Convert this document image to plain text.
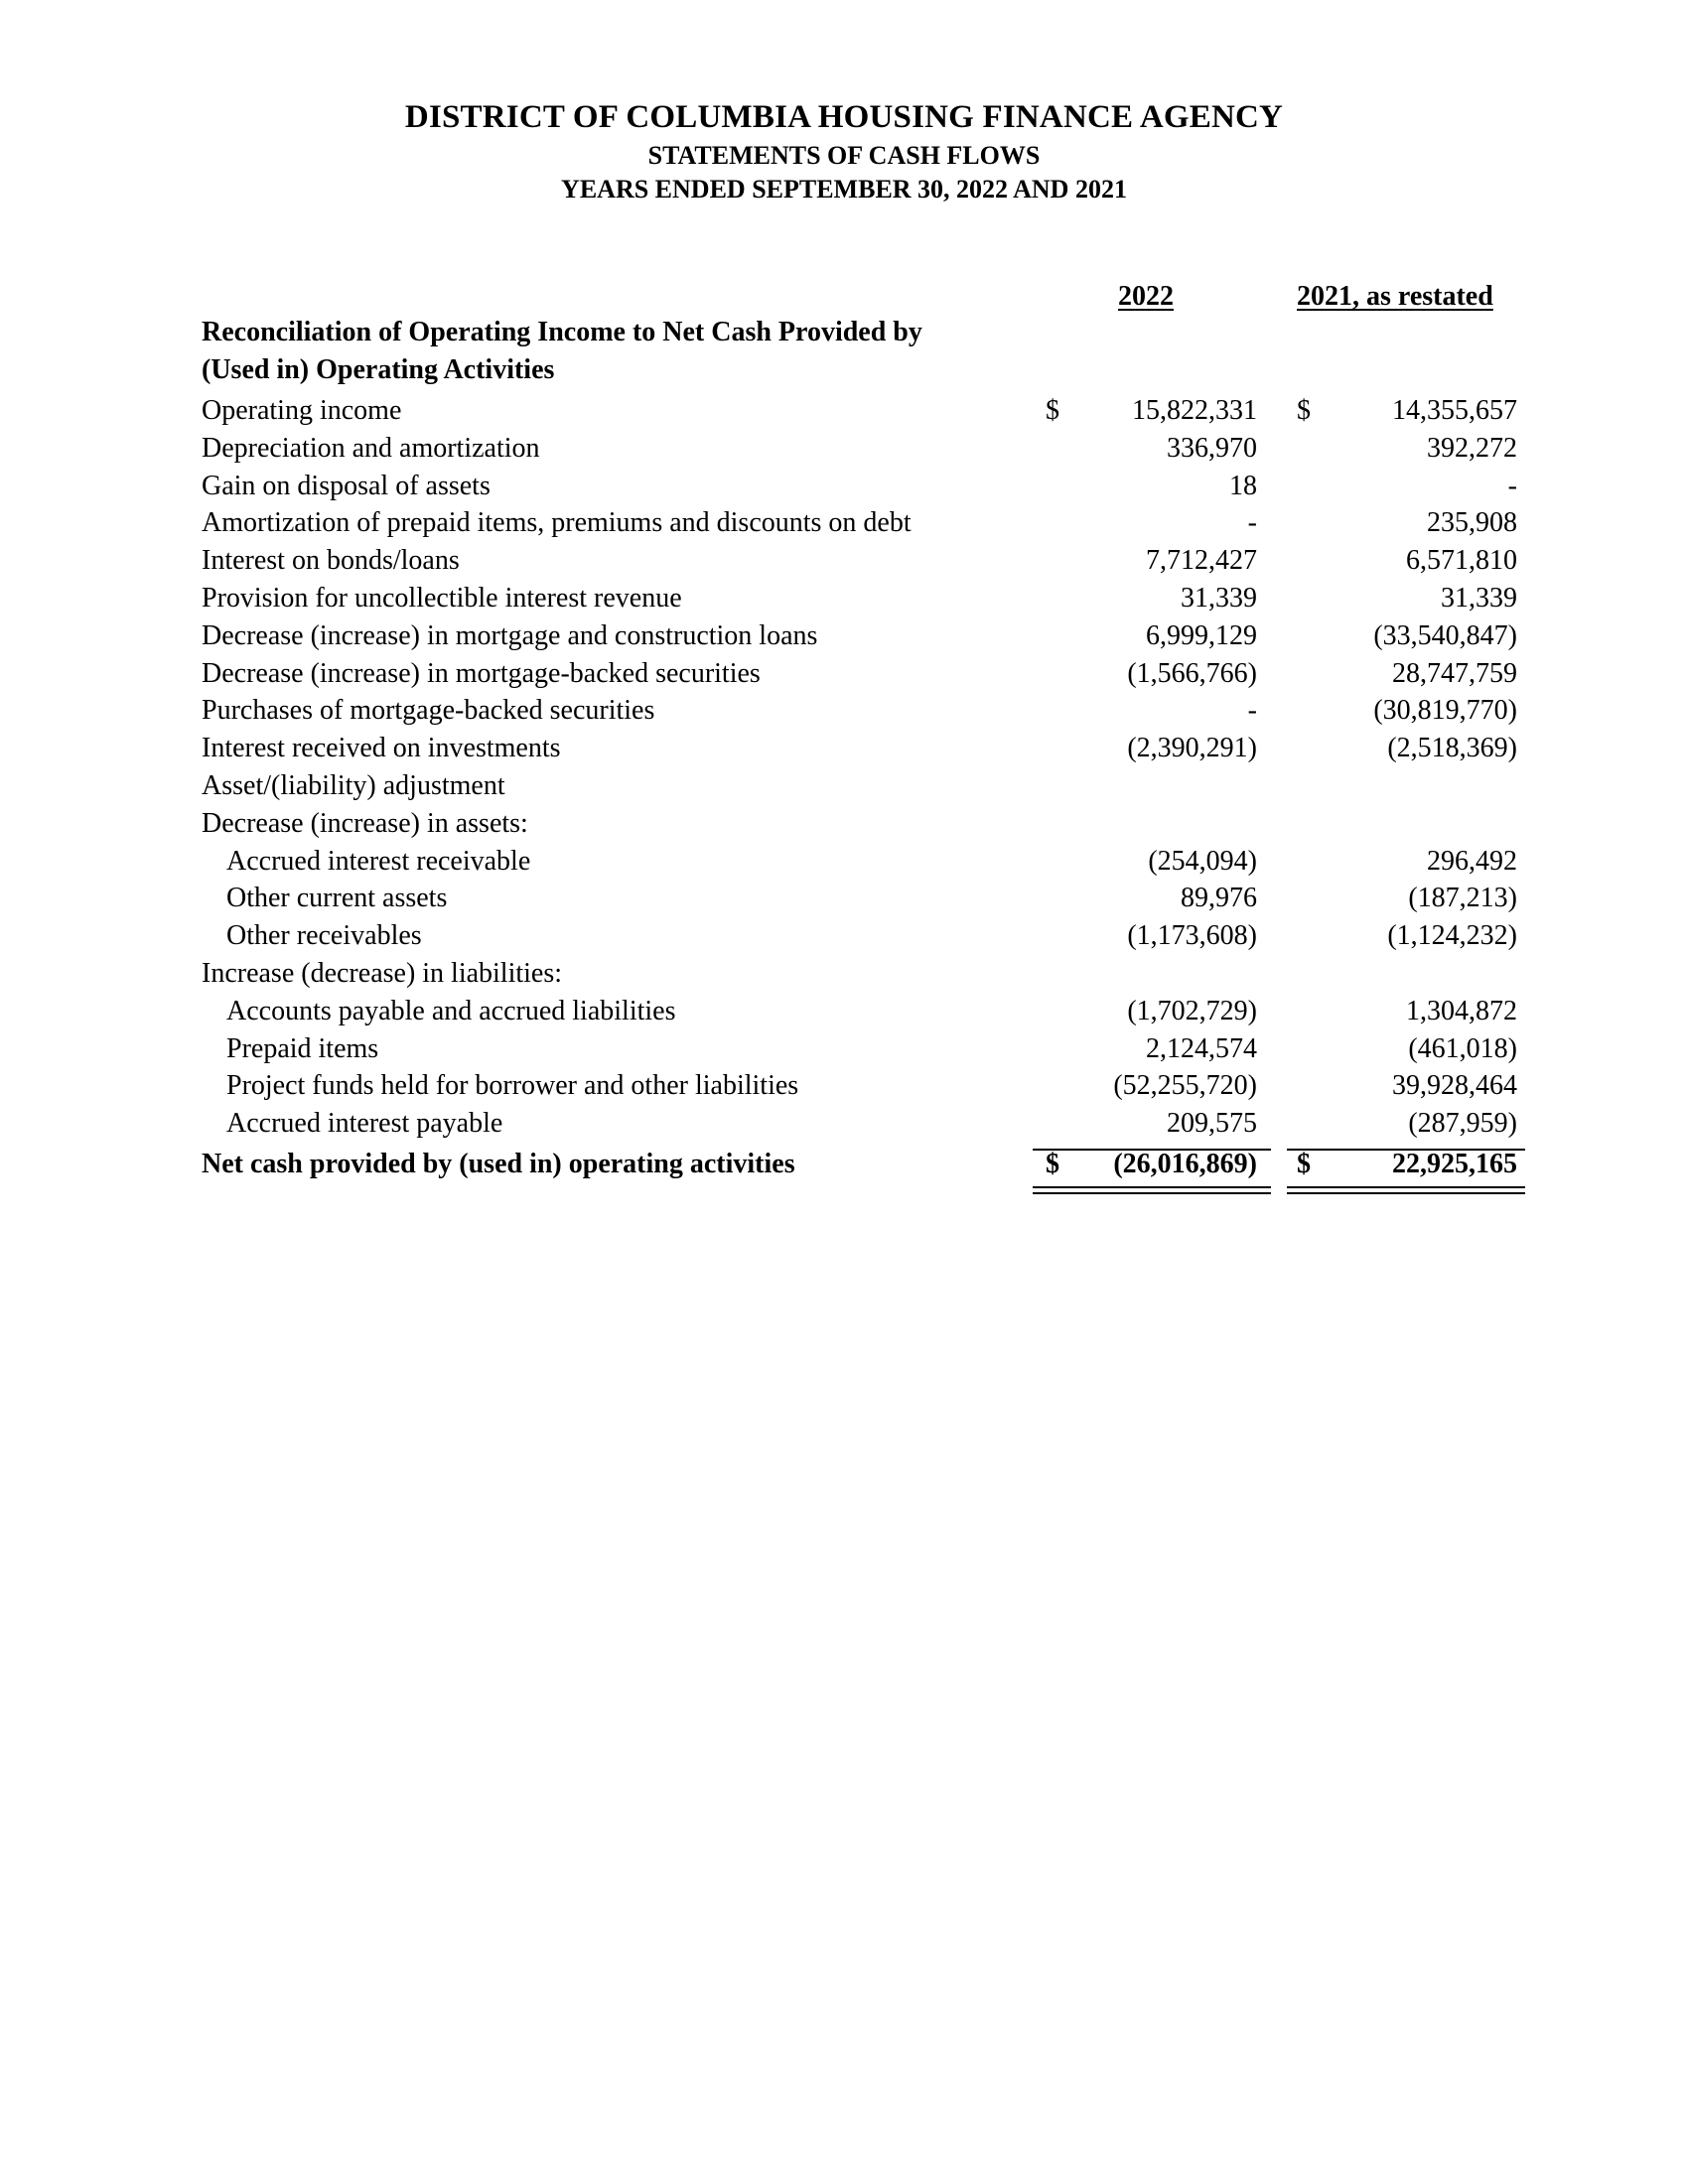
DISTRICT OF COLUMBIA HOUSING FINANCE AGENCY
STATEMENTS OF CASH FLOWS
YEARS ENDED SEPTEMBER 30, 2022 AND 2021
2022	2021, as restated
Reconciliation of Operating Income to Net Cash Provided by
(Used in) Operating Activities
Operating income	$	15,822,331 $	14,355,657
Depreciation and amortization	336,970	392,272
Gain on disposal of assets	18	-
Amortization of prepaid items, premiums and discounts on debt	-	235,908
Interest on bonds/loans	7,712,427	6,571,810
Provision for uncollectible interest revenue	31,339	31,339
Decrease (increase) in mortgage and construction loans	6,999,129	(33,540,847)
Decrease (increase) in mortgage-backed securities	(1,566,766)	28,747,759
Purchases of mortgage-backed securities	-	(30,819,770)
Interest received on investments	(2,390,291)	(2,518,369)
Asset/(liability) adjustment
Decrease (increase) in assets:
Accrued interest receivable	(254,094)	296,492
Other current assets	89,976	(187,213)
Other receivables	(1,173,608)	(1,124,232)
Increase (decrease) in liabilities:
Accounts payable and accrued liabilities	(1,702,729)	1,304,872
Prepaid items	2,124,574	(461,018)
Project funds held for borrower and other liabilities	(52,255,720)	39,928,464
Accrued interest payable	209,575	(287,959)
Net cash provided by (used in) operating activities	$	(26,016,869) $	22,925,165
